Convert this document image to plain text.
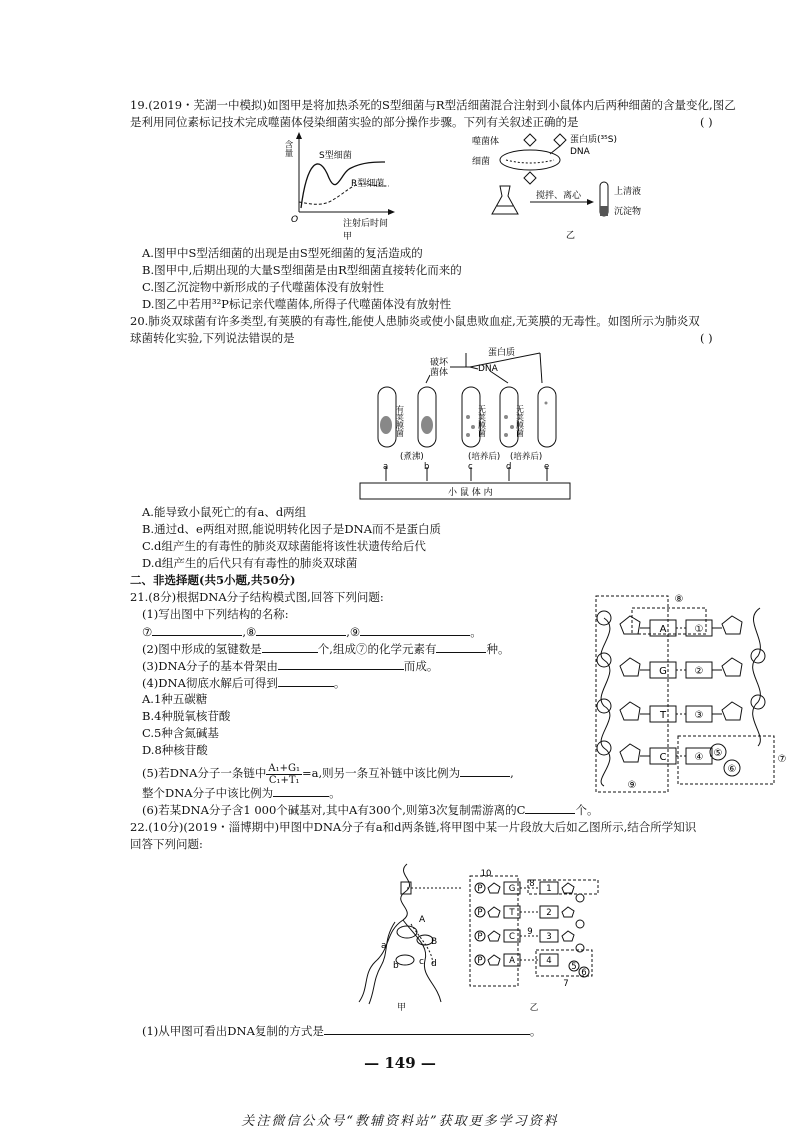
19.(2019・芜湖一中模拟)如图甲是将加热杀死的S型细菌与R型活细菌混合注射到小鼠体内后两种细菌的含量变化,图乙
是利用同位素标记技术完成噬菌体侵染细菌实验的部分操作步骤。下列有关叙述正确的是	( )
含量	S型细菌
R型细菌
O	注射后时间
甲
噬菌体	蛋白质(³⁵S)
DNA
细菌
搅拌、离心	上清液
沉淀物
乙
A.图甲中S型活细菌的出现是由S型死细菌的复活造成的
B.图甲中,后期出现的大量S型细菌是由R型细菌直接转化而来的
C.图乙沉淀物中新形成的子代噬菌体没有放射性
D.图乙中若用³²P标记亲代噬菌体,所得子代噬菌体没有放射性
20.肺炎双球菌有许多类型,有荚膜的有毒性,能使人患肺炎或使小鼠患败血症,无荚膜的无毒性。如图所示为肺炎双
球菌转化实验,下列说法错误的是	( )
破坏
菌体
蛋白质
DNA
有荚膜菌	无荚膜菌	无荚膜菌
(煮沸)	(培养后) (培养后)
a	b	c	d	e
小 鼠 体 内
A.能导致小鼠死亡的有a、d两组
B.通过d、e两组对照,能说明转化因子是DNA而不是蛋白质
C.d组产生的有毒性的肺炎双球菌能将该性状遗传给后代
D.d组产生的后代只有有毒性的肺炎双球菌
二、非选择题(共5小题,共50分)
21.(8分)根据DNA分子结构模式图,回答下列问题:
(1)写出图中下列结构的名称:
⑦	,⑧	,⑨	。
(2)图中形成的氢键数是	个,组成⑦的化学元素有	种。
(3)DNA分子的基本骨架由	而成。
(4)DNA彻底水解后可得到	。
A.1种五碳糖
B.4种脱氧核苷酸
C.5种含氮碱基
D.8种核苷酸
(5)若DNA分子一条链中 $\frac{\text{A₁+G₁}}{\text{C₁+T₁}} =a$,则另一条互补链中该比例为	,
整个DNA分子中该比例为	。
(6)若某DNA分子含1 000个碱基对,其中A有300个,则第3次复制需游离的C	个。
A
G
T
C
①
②
③
④
⑧
⑤
⑥
⑦
⑨
22.(10分)(2019・淄博期中)甲图中DNA分子有a和d两条链,将甲图中某一片段放大后如乙图所示,结合所学知识
回答下列问题:
A
B
a
b c d
甲
P
P
P
P
G
T
C
A
1
2
3
4
10
8
9
5
6
7
乙
(1)从甲图可看出DNA复制的方式是	。
— 149 —
关注微信公众号“教辅资料站”获取更多学习资料
